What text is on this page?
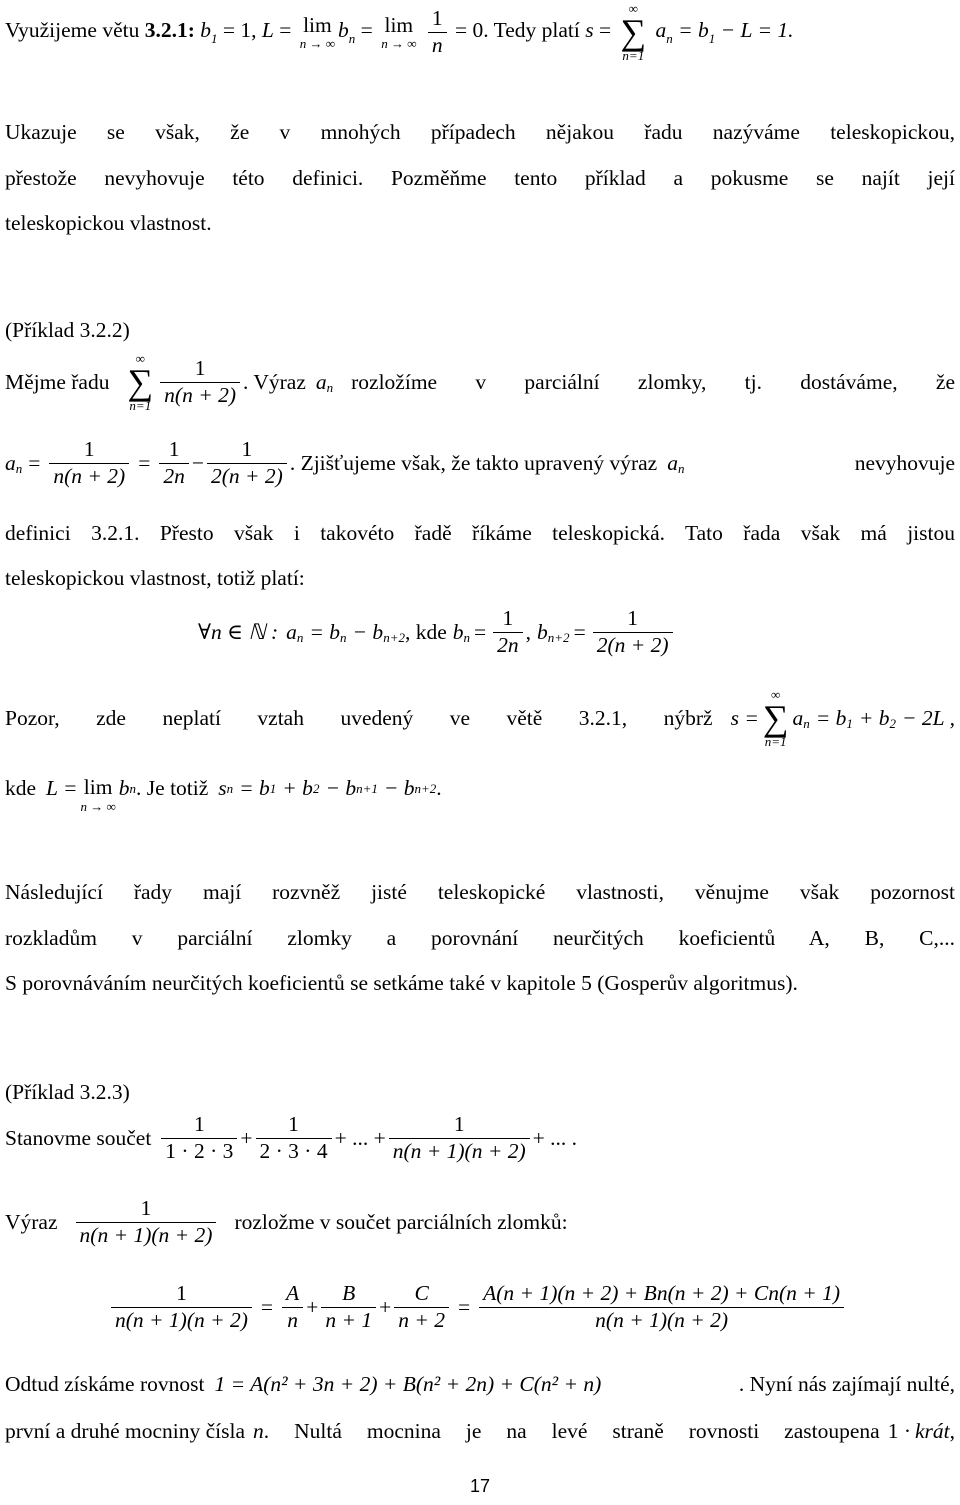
Využijeme větu 3.2.1: $b_1 = 1$, L = lim
n → ∞
$b_n = \lim$
n → ∞
$\frac{1}{n} = 0$. Tedy platí s =
∞
∑
n=1
$a_n = b_1 - L = 1$.
Ukazuje se však, že v mnohých případech nějakou řadu nazýváme teleskopickou,
přestože nevyhovuje této definici. Pozměňme tento příklad a pokusme se najít její
teleskopickou vlastnost.
(Příklad 3.2.2)
Mějme řadu
∞
∑
$n=1 \frac{1}{n(n + 2)}$ . Výraz a n rozložíme v parciální zlomky, tj. dostáváme, že
a $n = \frac{1}{n(n + 2)} = \frac{1}{2n} - \frac{1}{2(n + 2)}$ . Zjišťujeme však, že takto upravený výraz a n	nevyhovuje
definici 3.2.1. Přesto však i takovéto řadě říkáme teleskopická. Tato řada však má jistou
teleskopickou vlastnost, totiž platí:
∀n ∈ ℕ : a n = b n − b n+2 , kde b $n = \frac{1}{2n}$ , b $n+2 = \frac{1}{2(n + 2)}$
Pozor, zde neplatí vztah uvedený ve větě 3.2.1, nýbrž s =
∞
∑
n=1
a n = b 1 + b 2 − 2L ,
kde L = lim
n → ∞
b n . Je totiž s n = b 1 + b 2 − b n+1 − b n+2 .
Následující řady mají rozvněž jisté teleskopické vlastnosti, věnujme však pozornost
rozkladům v parciální zlomky a porovnání neurčitých koeficientů A, B, C,...
S porovnáváním neurčitých koeficientů se setkáme také v kapitole 5 (Gosperův algoritmus).
(Příklad 3.2.3)
Stanovme součet $\frac{1}{1 \cdot 2 \cdot 3} + \frac{1}{2 \cdot 3 \cdot 4}$ + ... + $\frac{1}{n(n + 1)(n + 2)}$ + ... .
Výraz $\frac{1}{n(n + 1)(n + 2)}$ rozložme v součet parciálních zlomků:
$\frac{1}{n(n + 1)(n + 2)} = \frac{A}{n} + \frac{B}{n + 1} + \frac{C}{n + 2} = \frac{A(n + 1)(n + 2) + Bn(n + 2) + Cn(n + 1)}{n(n + 1)(n + 2)}$
Odtud získáme rovnost 1 = A(n² + 3n + 2) + B(n² + 2n) + C(n² + n)	. Nyní nás zajímají nulté,
první a druhé mocniny čísla n . Nultá mocnina je na levé straně rovnosti zastoupena 1 · krát ,
17
